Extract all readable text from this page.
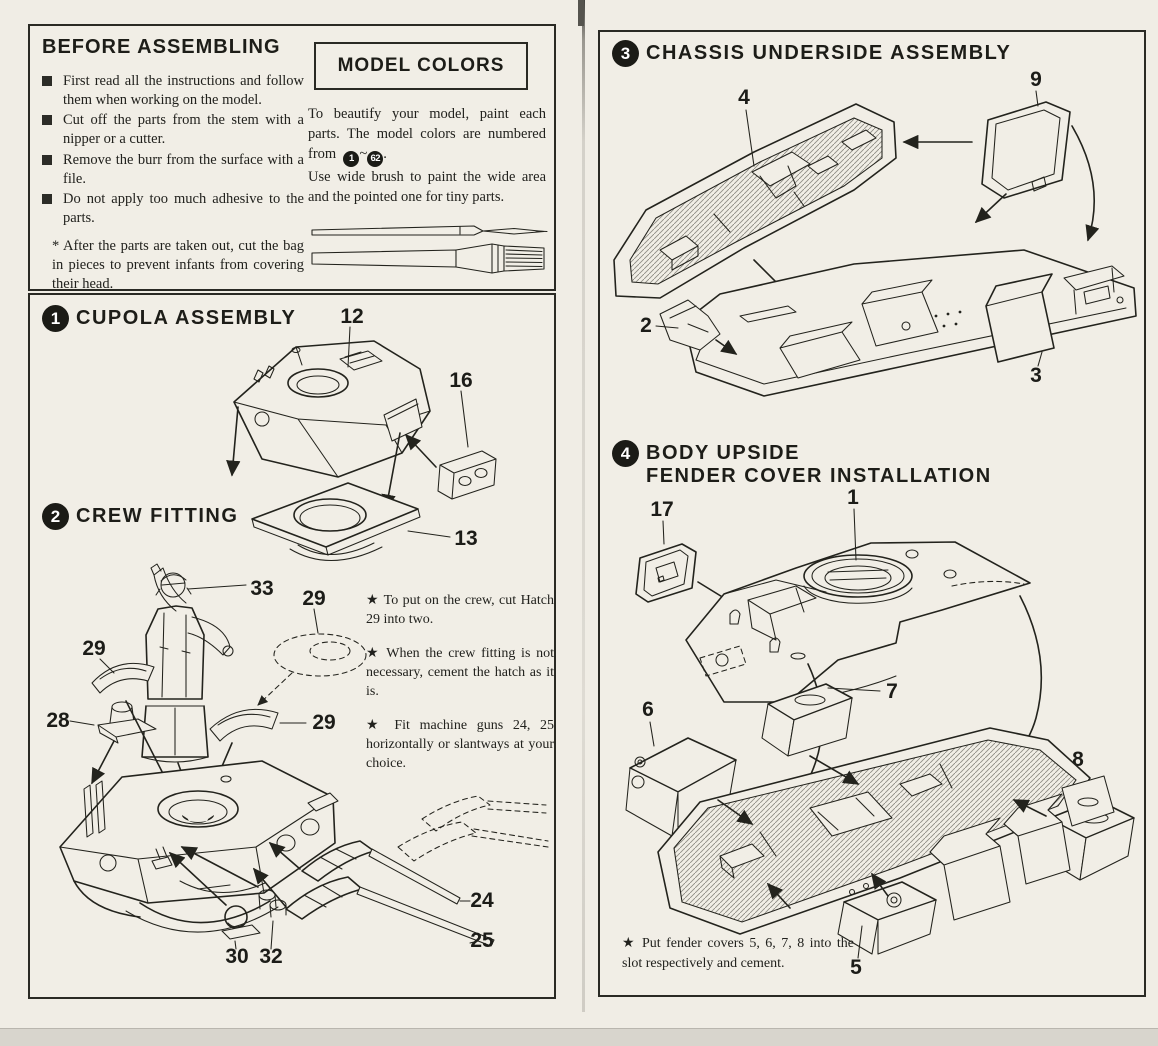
BEFORE ASSEMBLING
First read all the instructions and follow them when working on the model.
Cut off the parts from the stem with a nipper or a cutter.
Remove the burr from the surface with a file.
Do not apply too much adhesive to the parts.
* After the parts are taken out, cut the bag in pieces to prevent infants from covering their head.
MODEL COLORS
To beautify your model, paint each parts. The model colors are numbered from 1 ~ 62 .
Use wide brush to paint the wide area and the pointed one for tiny parts.
1 CUPOLA ASSEMBLY 12
16
13
2 CREW FITTING

★ To put on the crew, cut Hatch 29 into two.

★ When the crew fitting is not necessary, cement the hatch as it is.

★ Fit machine guns 24, 25 horizontally or slantways at your choice.

33
29
29
29
28
24
25
30 32
3 CHASSIS UNDERSIDE ASSEMBLY
4
9
3
2
4 BODY UPSIDE
FENDER COVER INSTALLATION
17
1
7
6
8
5
★ Put fender covers 5, 6, 7, 8 into the slot respectively and cement.
